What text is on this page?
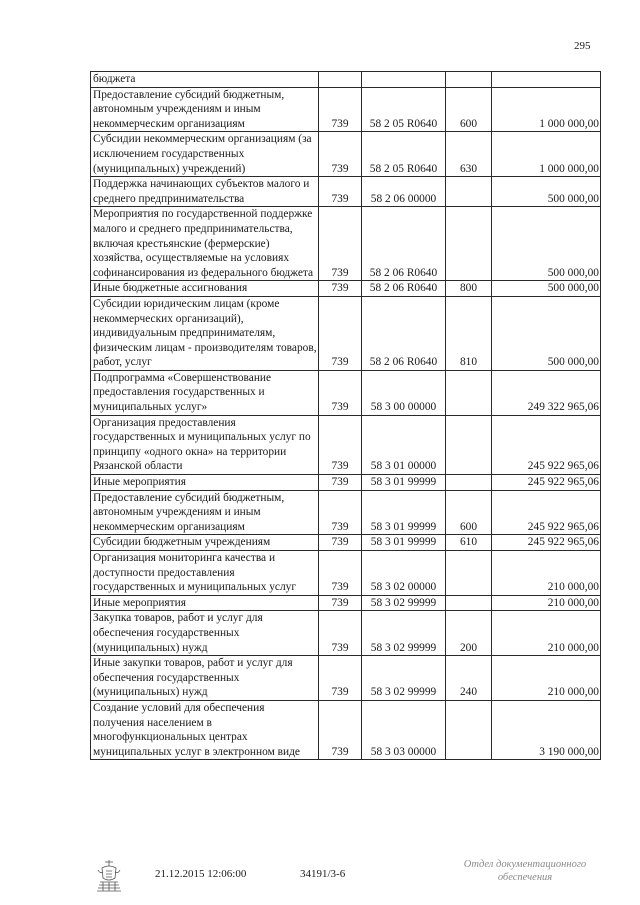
295
бюджета				
Предоставление субсидий бюджетным, автономным учреждениям и иным некоммерческим организациям	739	58 2 05 R0640	600	1 000 000,00
Субсидии некоммерческим организациям (за исключением государственных (муниципальных) учреждений)	739	58 2 05 R0640	630	1 000 000,00
Поддержка начинающих субъектов малого и среднего предпринимательства	739	58 2 06 00000		500 000,00
Мероприятия по государственной поддержке малого и среднего предпринимательства, включая крестьянские (фермерские) хозяйства, осуществляемые на условиях софинансирования из федерального бюджета	739	58 2 06 R0640		500 000,00
Иные бюджетные ассигнования	739	58 2 06 R0640	800	500 000,00
Субсидии юридическим лицам (кроме некоммерческих организаций), индивидуальным предпринимателям, физическим лицам - производителям товаров, работ, услуг	739	58 2 06 R0640	810	500 000,00
Подпрограмма «Совершенствование предоставления государственных и муниципальных услуг»	739	58 3 00 00000		249 322 965,06
Организация предоставления государственных и муниципальных услуг по принципу «одного окна» на территории Рязанской области	739	58 3 01 00000		245 922 965,06
Иные мероприятия	739	58 3 01 99999		245 922 965,06
Предоставление субсидий бюджетным, автономным учреждениям и иным некоммерческим организациям	739	58 3 01 99999	600	245 922 965,06
Субсидии бюджетным учреждениям	739	58 3 01 99999	610	245 922 965,06
Организация мониторинга качества и доступности предоставления государственных и муниципальных услуг	739	58 3 02 00000		210 000,00
Иные мероприятия	739	58 3 02 99999		210 000,00
Закупка товаров, работ и услуг для обеспечения государственных (муниципальных) нужд	739	58 3 02 99999	200	210 000,00
Иные закупки товаров, работ и услуг для обеспечения государственных (муниципальных) нужд	739	58 3 02 99999	240	210 000,00
Создание условий для обеспечения получения населением в многофункциональных центрах муниципальных услуг в электронном виде	739	58 3 03 00000		3 190 000,00
21.12.2015 12:06:00	34191/3-6
Отдел документационного
обеспечения
